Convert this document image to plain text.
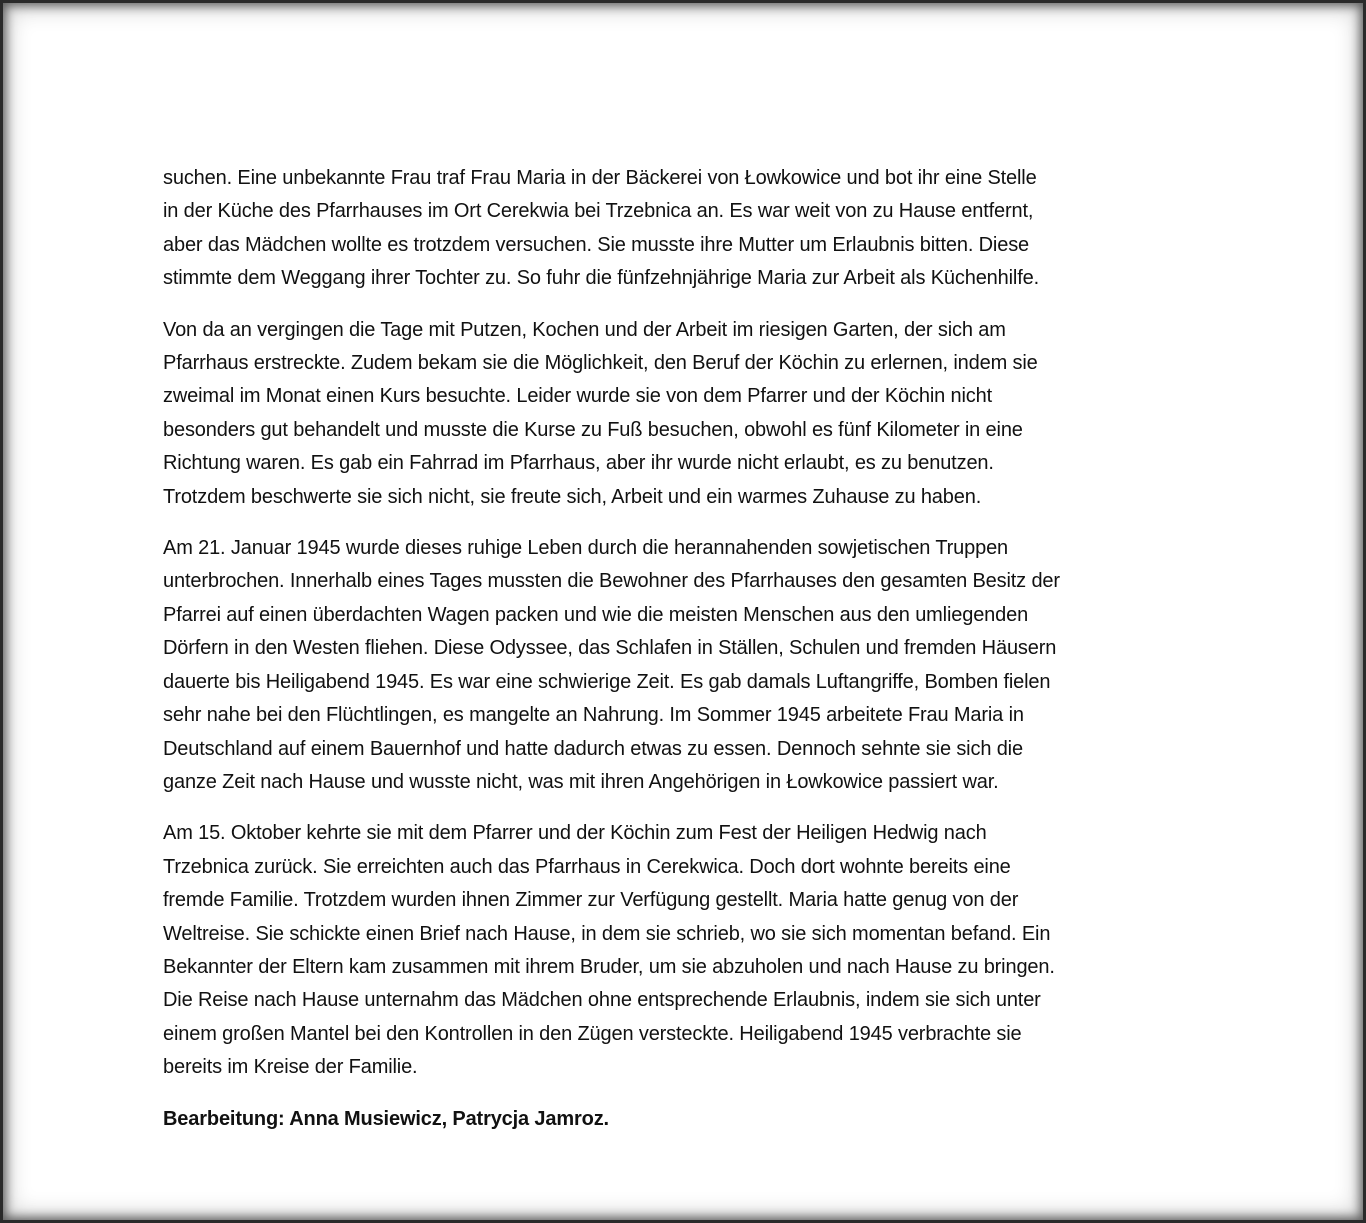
suchen. Eine unbekannte Frau traf Frau Maria in der Bäckerei von Łowkowice und bot ihr eine Stelle
in der Küche des Pfarrhauses im Ort Cerekwia bei Trzebnica an. Es war weit von zu Hause entfernt,
aber das Mädchen wollte es trotzdem versuchen. Sie musste ihre Mutter um Erlaubnis bitten. Diese
stimmte dem Weggang ihrer Tochter zu. So fuhr die fünfzehnjährige Maria zur Arbeit als Küchenhilfe.

Von da an vergingen die Tage mit Putzen, Kochen und der Arbeit im riesigen Garten, der sich am
Pfarrhaus erstreckte. Zudem bekam sie die Möglichkeit, den Beruf der Köchin zu erlernen, indem sie
zweimal im Monat einen Kurs besuchte. Leider wurde sie von dem Pfarrer und der Köchin nicht
besonders gut behandelt und musste die Kurse zu Fuß besuchen, obwohl es fünf Kilometer in eine
Richtung waren. Es gab ein Fahrrad im Pfarrhaus, aber ihr wurde nicht erlaubt, es zu benutzen.
Trotzdem beschwerte sie sich nicht, sie freute sich, Arbeit und ein warmes Zuhause zu haben.

Am 21. Januar 1945 wurde dieses ruhige Leben durch die herannahenden sowjetischen Truppen
unterbrochen. Innerhalb eines Tages mussten die Bewohner des Pfarrhauses den gesamten Besitz der
Pfarrei auf einen überdachten Wagen packen und wie die meisten Menschen aus den umliegenden
Dörfern in den Westen fliehen. Diese Odyssee, das Schlafen in Ställen, Schulen und fremden Häusern
dauerte bis Heiligabend 1945. Es war eine schwierige Zeit. Es gab damals Luftangriffe, Bomben fielen
sehr nahe bei den Flüchtlingen, es mangelte an Nahrung. Im Sommer 1945 arbeitete Frau Maria in
Deutschland auf einem Bauernhof und hatte dadurch etwas zu essen. Dennoch sehnte sie sich die
ganze Zeit nach Hause und wusste nicht, was mit ihren Angehörigen in Łowkowice passiert war.

Am 15. Oktober kehrte sie mit dem Pfarrer und der Köchin zum Fest der Heiligen Hedwig nach
Trzebnica zurück. Sie erreichten auch das Pfarrhaus in Cerekwica. Doch dort wohnte bereits eine
fremde Familie. Trotzdem wurden ihnen Zimmer zur Verfügung gestellt. Maria hatte genug von der
Weltreise. Sie schickte einen Brief nach Hause, in dem sie schrieb, wo sie sich momentan befand. Ein
Bekannter der Eltern kam zusammen mit ihrem Bruder, um sie abzuholen und nach Hause zu bringen.
Die Reise nach Hause unternahm das Mädchen ohne entsprechende Erlaubnis, indem sie sich unter
einem großen Mantel bei den Kontrollen in den Zügen versteckte. Heiligabend 1945 verbrachte sie
bereits im Kreise der Familie.

Bearbeitung: Anna Musiewicz, Patrycja Jamroz.
